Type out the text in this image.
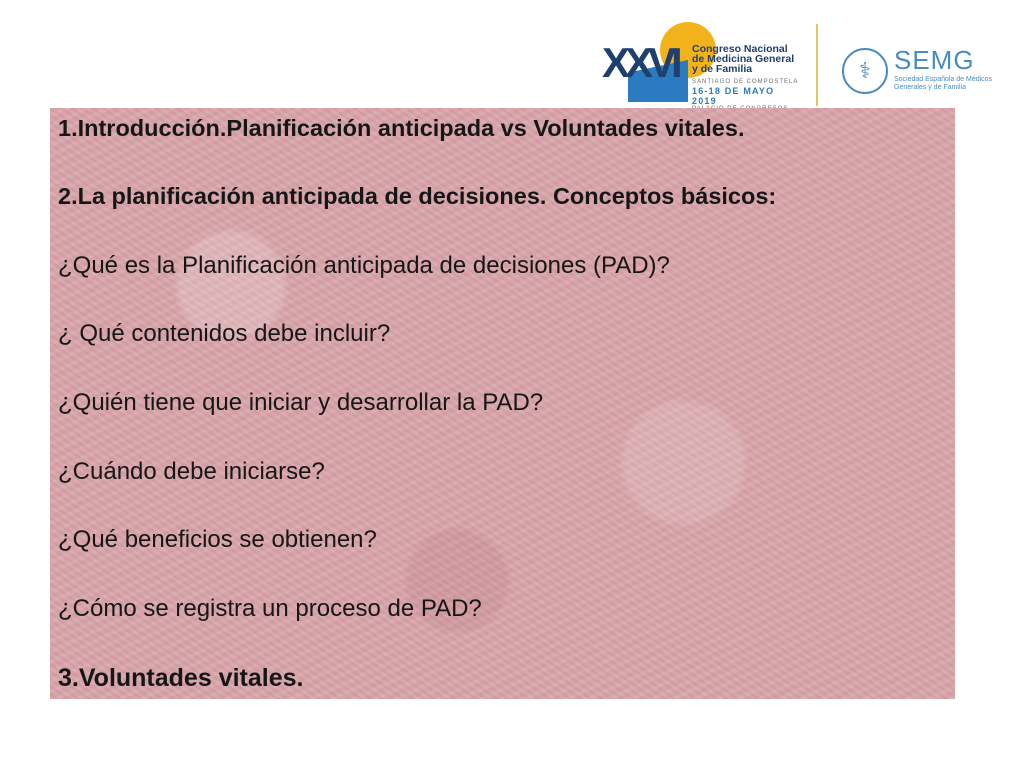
XXVI Congreso Nacional
de Medicina General
y de Familia
SANTIAGO DE COMPOSTELA
16-18 DE MAYO 2019
⚕ SEMG
Sociedad Española de Médicos
Generales y de Familia

1.Introducción.Planificación anticipada vs Voluntades vitales.

2.La planificación anticipada de decisiones. Conceptos básicos:

¿Qué es la Planificación anticipada de decisiones (PAD)?

¿ Qué contenidos debe incluir?

¿Quién tiene que iniciar y desarrollar la PAD?

¿Cuándo debe iniciarse?

¿Qué beneficios se obtienen?

¿Cómo se registra un proceso de PAD?

3.Voluntades vitales.
